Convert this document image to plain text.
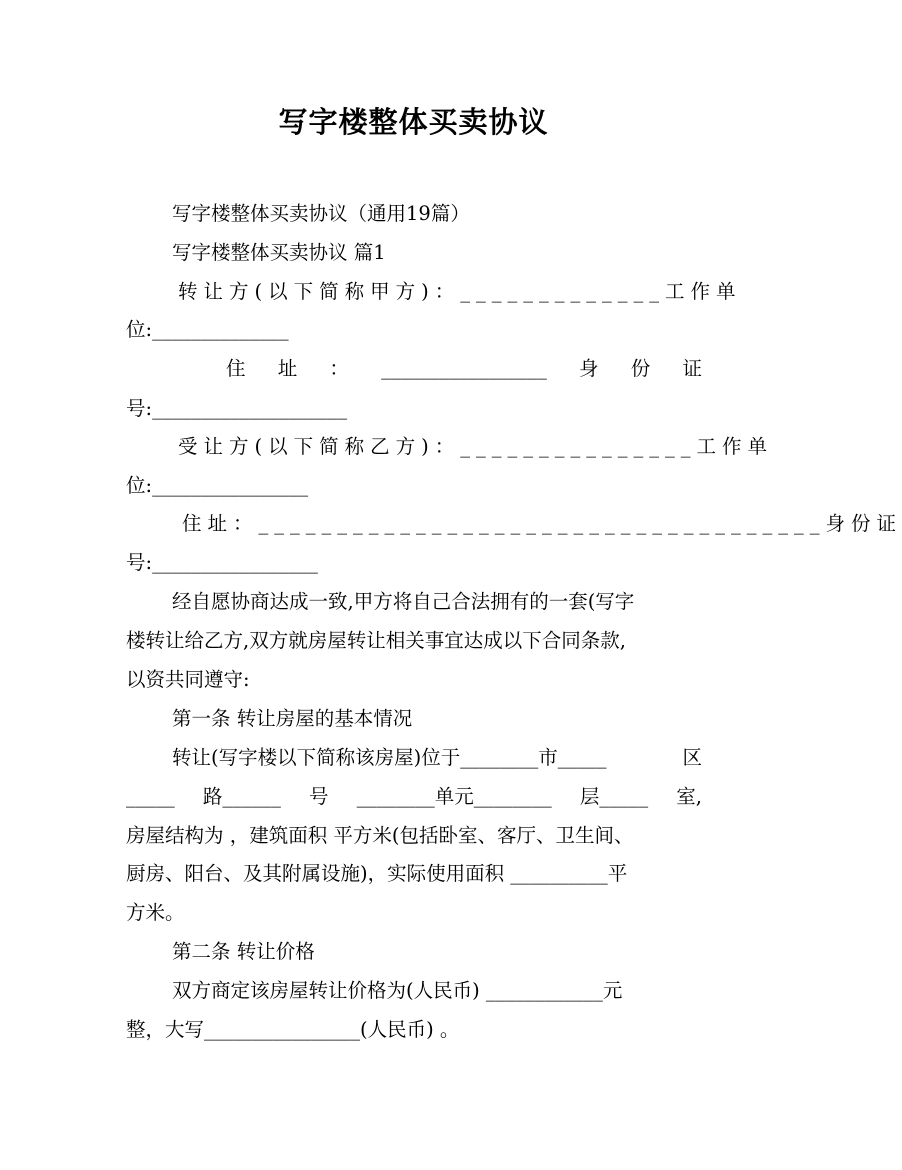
写字楼整体买卖协议
写字楼整体买卖协议（通用19篇）
写字楼整体买卖协议 篇1
转让方(以下简称甲方)：_____________ 工作单
位:______________
住 址 ： _________________ 身 份 证
号:____________________
受让方(以下简称乙方)：_______________ 工作单
位:________________
住址：____________________________________身份证
号:_________________
经自愿协商达成一致,甲方将自己合法拥有的一套(写字
楼转让给乙方,双方就房屋转让相关事宜达成以下合同条款,
以资共同遵守:
第一条 转让房屋的基本情况
转让(写字楼以下简称该房屋)位于________市_____	区
_____ 路______ 号 ________单元________ 层_____ 室,
房屋结构为 ，建筑面积 平方米(包括卧室、客厅、卫生间、
厨房、阳台、及其附属设施)，实际使用面积 __________平
方米。
第二条 转让价格
双方商定该房屋转让价格为(人民币) ____________元
整，大写________________(人民币) 。
